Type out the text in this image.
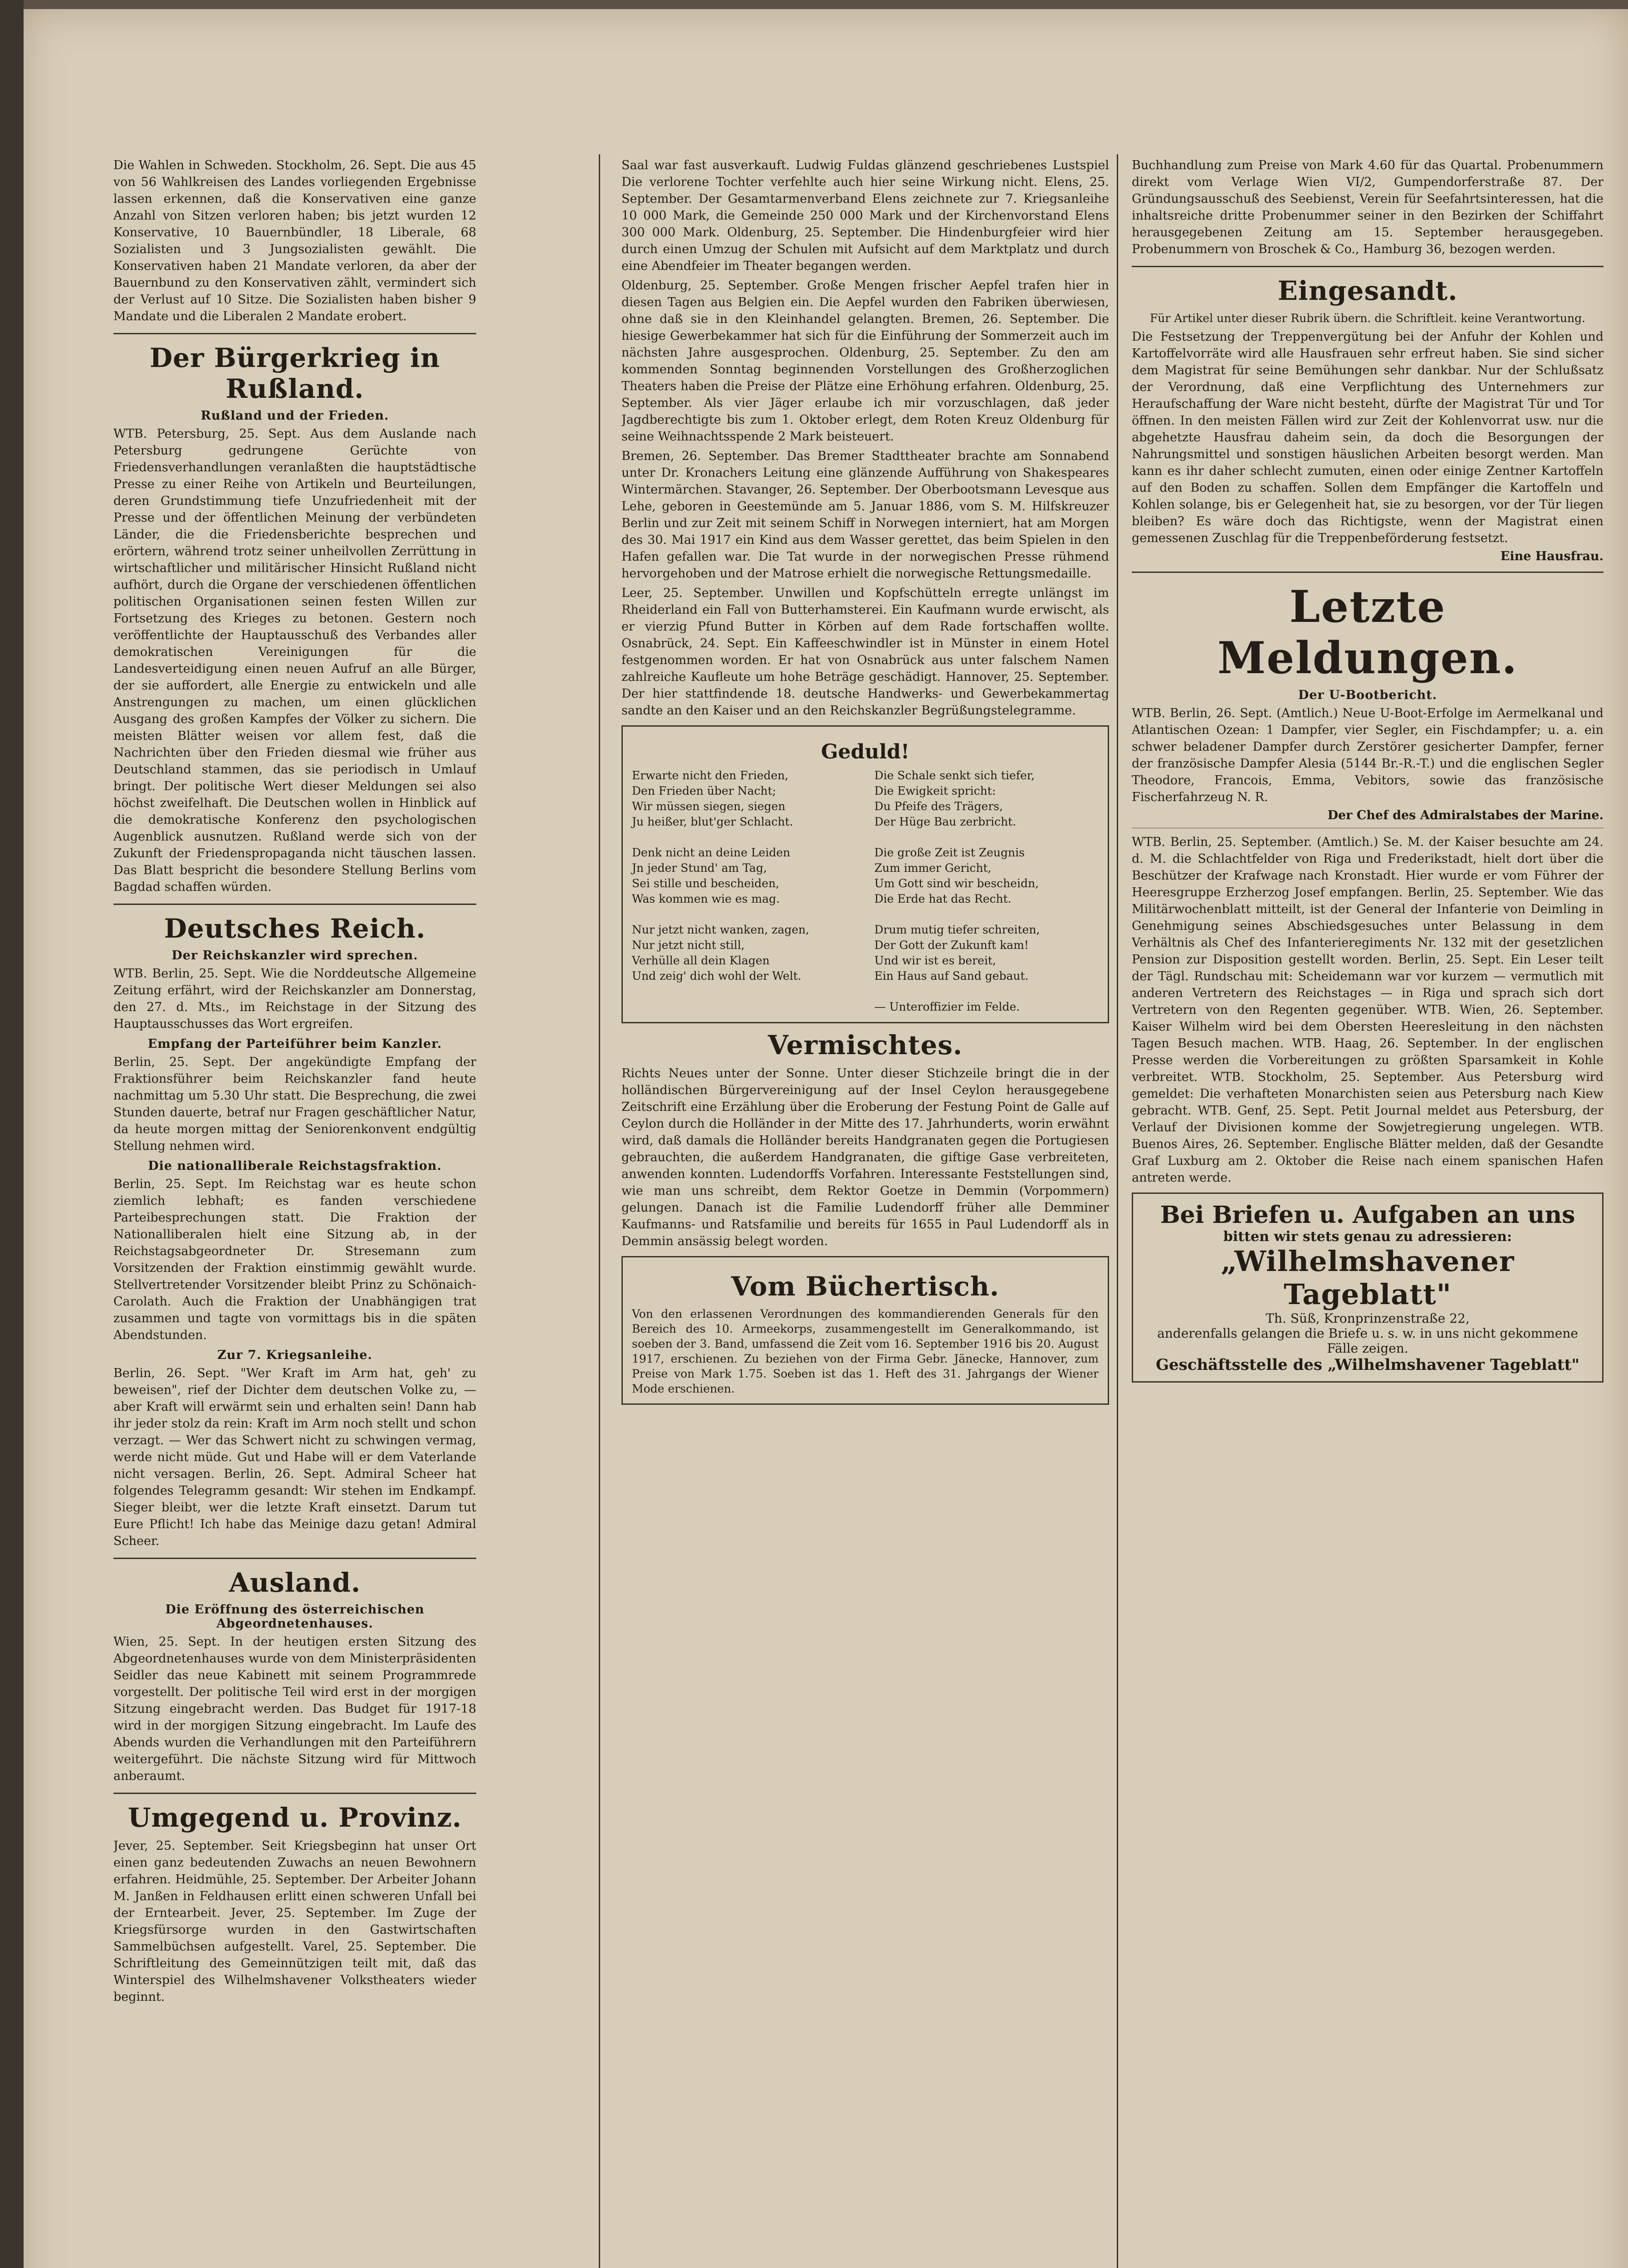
Die Wahlen in Schweden. Stockholm, 26. Sept. Die aus 45 von 56 Wahlkreisen des Landes vorliegenden Ergebnisse lassen erkennen, daß die Konservativen eine ganze Anzahl von Sitzen verloren haben; bis jetzt wurden 12 Konservative, 10 Bauernbündler, 18 Liberale, 68 Sozialisten und 3 Jungsozialisten gewählt. Die Konservativen haben 21 Mandate verloren, da aber der Bauernbund zu den Konservativen zählt, vermindert sich der Verlust auf 10 Sitze. Die Sozialisten haben bisher 9 Mandate und die Liberalen 2 Mandate erobert.
Der Bürgerkrieg in Rußland.
Rußland und der Frieden.
WTB. Petersburg, 25. Sept. Aus dem Auslande nach Petersburg gedrungene Gerüchte von Friedensverhandlungen veranlaßten die hauptstädtische Presse zu einer Reihe von Artikeln und Beurteilungen, deren Grundstimmung tiefe Unzufriedenheit mit der Presse und der öffentlichen Meinung der verbündeten Länder, die die Friedensberichte besprechen und erörtern, während trotz seiner unheilvollen Zerrüttung in wirtschaftlicher und militärischer Hinsicht Rußland nicht aufhört, durch die Organe der verschiedenen öffentlichen politischen Organisationen seinen festen Willen zur Fortsetzung des Krieges zu betonen. Gestern noch veröffentlichte der Hauptausschuß des Verbandes aller demokratischen Vereinigungen für die Landesverteidigung einen neuen Aufruf an alle Bürger, der sie auffordert, alle Energie zu entwickeln und alle Anstrengungen zu machen, um einen glücklichen Ausgang des großen Kampfes der Völker zu sichern. Die meisten Blätter weisen vor allem fest, daß die Nachrichten über den Frieden diesmal wie früher aus Deutschland stammen, das sie periodisch in Umlauf bringt. Der politische Wert dieser Meldungen sei also höchst zweifelhaft. Die Deutschen wollen in Hinblick auf die demokratische Konferenz den psychologischen Augenblick ausnutzen. Rußland werde sich von der Zukunft der Friedenspropaganda nicht täuschen lassen. Das Blatt bespricht die besondere Stellung Berlins vom Bagdad schaffen würden.
Deutsches Reich.
Der Reichskanzler wird sprechen.
WTB. Berlin, 25. Sept. Wie die Norddeutsche Allgemeine Zeitung erfährt, wird der Reichskanzler am Donnerstag, den 27. d. Mts., im Reichstage in der Sitzung des Hauptausschusses das Wort ergreifen.
Empfang der Parteiführer beim Kanzler.
Berlin, 25. Sept. Der angekündigte Empfang der Fraktionsführer beim Reichskanzler fand heute nachmittag um 5.30 Uhr statt. Die Besprechung, die zwei Stunden dauerte, betraf nur Fragen geschäftlicher Natur, da heute morgen mittag der Seniorenkonvent endgültig Stellung nehmen wird.
Die nationalliberale Reichstagsfraktion.
Berlin, 25. Sept. Im Reichstag war es heute schon ziemlich lebhaft; es fanden verschiedene Parteibesprechungen statt. Die Fraktion der Nationalliberalen hielt eine Sitzung ab, in der Reichstagsabgeordneter Dr. Stresemann zum Vorsitzenden der Fraktion einstimmig gewählt wurde. Stellvertretender Vorsitzender bleibt Prinz zu Schönaich-Carolath. Auch die Fraktion der Unabhängigen trat zusammen und tagte von vormittags bis in die späten Abendstunden.
Zur 7. Kriegsanleihe.
Berlin, 26. Sept. "Wer Kraft im Arm hat, geh' zu beweisen", rief der Dichter dem deutschen Volke zu, — aber Kraft will erwärmt sein und erhalten sein! Dann hab ihr jeder stolz da rein: Kraft im Arm noch stellt und schon verzagt. — Wer das Schwert nicht zu schwingen vermag, werde nicht müde. Gut und Habe will er dem Vaterlande nicht versagen. Berlin, 26. Sept. Admiral Scheer hat folgendes Telegramm gesandt: Wir stehen im Endkampf. Sieger bleibt, wer die letzte Kraft einsetzt. Darum tut Eure Pflicht! Ich habe das Meinige dazu getan! Admiral Scheer.
Ausland.
Die Eröffnung des österreichischen Abgeordnetenhauses.
Wien, 25. Sept. In der heutigen ersten Sitzung des Abgeordnetenhauses wurde von dem Ministerpräsidenten Seidler das neue Kabinett mit seinem Programmrede vorgestellt. Der politische Teil wird erst in der morgigen Sitzung eingebracht werden. Das Budget für 1917-18 wird in der morgigen Sitzung eingebracht. Im Laufe des Abends wurden die Verhandlungen mit den Parteiführern weitergeführt. Die nächste Sitzung wird für Mittwoch anberaumt.
Umgegend u. Provinz.
Jever, 25. September. Seit Kriegsbeginn hat unser Ort einen ganz bedeutenden Zuwachs an neuen Bewohnern erfahren. Heidmühle, 25. September. Der Arbeiter Johann M. Janßen in Feldhausen erlitt einen schweren Unfall bei der Erntearbeit. Jever, 25. September. Im Zuge der Kriegsfürsorge wurden in den Gastwirtschaften Sammelbüchsen aufgestellt. Varel, 25. September. Die Schriftleitung des Gemeinnützigen teilt mit, daß das Winterspiel des Wilhelmshavener Volkstheaters wieder beginnt.
Saal war fast ausverkauft. Ludwig Fuldas glänzend geschriebenes Lustspiel Die verlorene Tochter verfehlte auch hier seine Wirkung nicht. Elens, 25. September. Der Gesamtarmenverband Elens zeichnete zur 7. Kriegsanleihe 10 000 Mark, die Gemeinde 250 000 Mark und der Kirchenvorstand Elens 300 000 Mark. Oldenburg, 25. September. Die Hindenburgfeier wird hier durch einen Umzug der Schulen mit Aufsicht auf dem Marktplatz und durch eine Abendfeier im Theater begangen werden.
Oldenburg, 25. September. Große Mengen frischer Aepfel trafen hier in diesen Tagen aus Belgien ein. Die Aepfel wurden den Fabriken überwiesen, ohne daß sie in den Kleinhandel gelangten. Bremen, 26. September. Die hiesige Gewerbekammer hat sich für die Einführung der Sommerzeit auch im nächsten Jahre ausgesprochen. Oldenburg, 25. September. Zu den am kommenden Sonntag beginnenden Vorstellungen des Großherzoglichen Theaters haben die Preise der Plätze eine Erhöhung erfahren. Oldenburg, 25. September. Als vier Jäger erlaube ich mir vorzuschlagen, daß jeder Jagdberechtigte bis zum 1. Oktober erlegt, dem Roten Kreuz Oldenburg für seine Weihnachtsspende 2 Mark beisteuert.
Bremen, 26. September. Das Bremer Stadttheater brachte am Sonnabend unter Dr. Kronachers Leitung eine glänzende Aufführung von Shakespeares Wintermärchen. Stavanger, 26. September. Der Oberbootsmann Levesque aus Lehe, geboren in Geestemünde am 5. Januar 1886, vom S. M. Hilfskreuzer Berlin und zur Zeit mit seinem Schiff in Norwegen interniert, hat am Morgen des 30. Mai 1917 ein Kind aus dem Wasser gerettet, das beim Spielen in den Hafen gefallen war. Die Tat wurde in der norwegischen Presse rühmend hervorgehoben und der Matrose erhielt die norwegische Rettungsmedaille.
Leer, 25. September. Unwillen und Kopfschütteln erregte unlängst im Rheiderland ein Fall von Butterhamsterei. Ein Kaufmann wurde erwischt, als er vierzig Pfund Butter in Körben auf dem Rade fortschaffen wollte. Osnabrück, 24. Sept. Ein Kaffeeschwindler ist in Münster in einem Hotel festgenommen worden. Er hat von Osnabrück aus unter falschem Namen zahlreiche Kaufleute um hohe Beträge geschädigt. Hannover, 25. September. Der hier stattfindende 18. deutsche Handwerks- und Gewerbekammertag sandte an den Kaiser und an den Reichskanzler Begrüßungstelegramme.
Geduld!
Erwarte nicht den Frieden,
Den Frieden über Nacht;
Wir müssen siegen, siegen
Ju heißer, blut'ger Schlacht.

Denk nicht an deine Leiden
Jn jeder Stund' am Tag,
Sei stille und bescheiden,
Was kommen wie es mag.

Nur jetzt nicht wanken, zagen,
Nur jetzt nicht still,
Verhülle all dein Klagen
Und zeig' dich wohl der Welt.
Die Schale senkt sich tiefer,
Die Ewigkeit spricht:
Du Pfeife des Trägers,
Der Hüge Bau zerbricht.

Die große Zeit ist Zeugnis
Zum immer Gericht,
Um Gott sind wir bescheidn,
Die Erde hat das Recht.

Drum mutig tiefer schreiten,
Der Gott der Zukunft kam!
Und wir ist es bereit,
Ein Haus auf Sand gebaut.

— Unteroffizier im Felde.
Vermischtes.
Richts Neues unter der Sonne. Unter dieser Stichzeile bringt die in der holländischen Bürgervereinigung auf der Insel Ceylon herausgegebene Zeitschrift eine Erzählung über die Eroberung der Festung Point de Galle auf Ceylon durch die Holländer in der Mitte des 17. Jahrhunderts, worin erwähnt wird, daß damals die Holländer bereits Handgranaten gegen die Portugiesen gebrauchten, die außerdem Handgranaten, die giftige Gase verbreiteten, anwenden konnten. Ludendorffs Vorfahren. Interessante Feststellungen sind, wie man uns schreibt, dem Rektor Goetze in Demmin (Vorpommern) gelungen. Danach ist die Familie Ludendorff früher alle Demminer Kaufmanns- und Ratsfamilie und bereits für 1655 in Paul Ludendorff als in Demmin ansässig belegt worden.
Vom Büchertisch.
Von den erlassenen Verordnungen des kommandierenden Generals für den Bereich des 10. Armeekorps, zusammengestellt im Generalkommando, ist soeben der 3. Band, umfassend die Zeit vom 16. September 1916 bis 20. August 1917, erschienen. Zu beziehen von der Firma Gebr. Jänecke, Hannover, zum Preise von Mark 1.75. Soeben ist das 1. Heft des 31. Jahrgangs der Wiener Mode erschienen.
Buchhandlung zum Preise von Mark 4.60 für das Quartal. Probenummern direkt vom Verlage Wien VI/2, Gumpendorferstraße 87. Der Gründungsausschuß des Seebienst, Verein für Seefahrtsinteressen, hat die inhaltsreiche dritte Probenummer seiner in den Bezirken der Schiffahrt herausgegebenen Zeitung am 15. September herausgegeben. Probenummern von Broschek & Co., Hamburg 36, bezogen werden.
Eingesandt.
Für Artikel unter dieser Rubrik übern. die Schriftleit. keine Verantwortung.
Die Festsetzung der Treppenvergütung bei der Anfuhr der Kohlen und Kartoffelvorräte wird alle Hausfrauen sehr erfreut haben. Sie sind sicher dem Magistrat für seine Bemühungen sehr dankbar. Nur der Schlußsatz der Verordnung, daß eine Verpflichtung des Unternehmers zur Heraufschaffung der Ware nicht besteht, dürfte der Magistrat Tür und Tor öffnen. In den meisten Fällen wird zur Zeit der Kohlenvorrat usw. nur die abgehetzte Hausfrau daheim sein, da doch die Besorgungen der Nahrungsmittel und sonstigen häuslichen Arbeiten besorgt werden. Man kann es ihr daher schlecht zumuten, einen oder einige Zentner Kartoffeln auf den Boden zu schaffen. Sollen dem Empfänger die Kartoffeln und Kohlen solange, bis er Gelegenheit hat, sie zu besorgen, vor der Tür liegen bleiben? Es wäre doch das Richtigste, wenn der Magistrat einen gemessenen Zuschlag für die Treppenbeförderung festsetzt.
Eine Hausfrau.
Letzte Meldungen.
Der U-Bootbericht.
WTB. Berlin, 26. Sept. (Amtlich.) Neue U-Boot-Erfolge im Aermelkanal und Atlantischen Ozean: 1 Dampfer, vier Segler, ein Fischdampfer; u. a. ein schwer beladener Dampfer durch Zerstörer gesicherter Dampfer, ferner der französische Dampfer Alesia (5144 Br.-R.-T.) und die englischen Segler Theodore, Francois, Emma, Vebitors, sowie das französische Fischerfahrzeug N. R.
Der Chef des Admiralstabes der Marine.
WTB. Berlin, 25. September. (Amtlich.) Se. M. der Kaiser besuchte am 24. d. M. die Schlachtfelder von Riga und Frederikstadt, hielt dort über die Beschützer der Krafwage nach Kronstadt. Hier wurde er vom Führer der Heeresgruppe Erzherzog Josef empfangen. Berlin, 25. September. Wie das Militärwochenblatt mitteilt, ist der General der Infanterie von Deimling in Genehmigung seines Abschiedsgesuches unter Belassung in dem Verhältnis als Chef des Infanterieregiments Nr. 132 mit der gesetzlichen Pension zur Disposition gestellt worden. Berlin, 25. Sept. Ein Leser teilt der Tägl. Rundschau mit: Scheidemann war vor kurzem — vermutlich mit anderen Vertretern des Reichstages — in Riga und sprach sich dort Vertretern von den Regenten gegenüber. WTB. Wien, 26. September. Kaiser Wilhelm wird bei dem Obersten Heeresleitung in den nächsten Tagen Besuch machen. WTB. Haag, 26. September. In der englischen Presse werden die Vorbereitungen zu größten Sparsamkeit in Kohle verbreitet. WTB. Stockholm, 25. September. Aus Petersburg wird gemeldet: Die verhafteten Monarchisten seien aus Petersburg nach Kiew gebracht. WTB. Genf, 25. Sept. Petit Journal meldet aus Petersburg, der Verlauf der Divisionen komme der Sowjetregierung ungelegen. WTB. Buenos Aires, 26. September. Englische Blätter melden, daß der Gesandte Graf Luxburg am 2. Oktober die Reise nach einem spanischen Hafen antreten werde.
Bei Briefen u. Aufgaben an uns
bitten wir stets genau zu adressieren:
„Wilhelmshavener Tageblatt"
Th. Süß, Kronprinzenstraße 22,
anderenfalls gelangen die Briefe u. s. w. in uns nicht gekommene Fälle zeigen.
Geschäftsstelle des „Wilhelmshavener Tageblatt"
